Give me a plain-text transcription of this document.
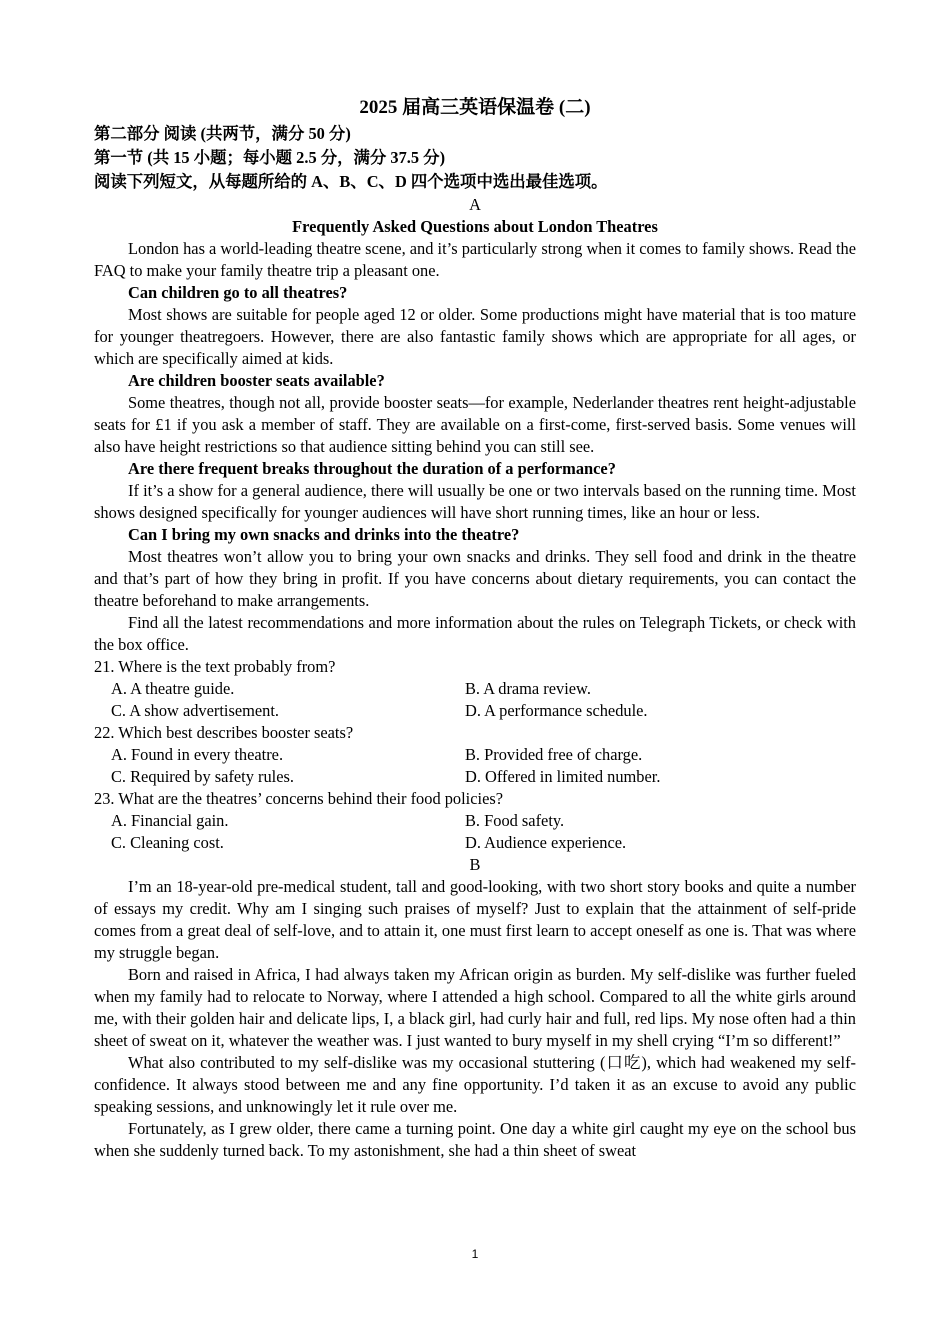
2025 届高三英语保温卷 (二)

第二部分 阅读 (共两节，满分 50 分)

第一节 (共 15 小题；每小题 2.5 分，满分 37.5 分)

阅读下列短文，从每题所给的 A、B、C、D 四个选项中选出最佳选项。

A

Frequently Asked Questions about London Theatres

London has a world-leading theatre scene, and it’s particularly strong when it comes to family shows. Read the FAQ to make your family theatre trip a pleasant one.

Can children go to all theatres?

Most shows are suitable for people aged 12 or older. Some productions might have material that is too mature for younger theatregoers. However, there are also fantastic family shows which are appropriate for all ages, or which are specifically aimed at kids.

Are children booster seats available?

Some theatres, though not all, provide booster seats—for example, Nederlander theatres rent height-adjustable seats for £1 if you ask a member of staff. They are available on a first-come, first-served basis. Some venues will also have height restrictions so that audience sitting behind you can still see.

Are there frequent breaks throughout the duration of a performance?

If it’s a show for a general audience, there will usually be one or two intervals based on the running time. Most shows designed specifically for younger audiences will have short running times, like an hour or less.

Can I bring my own snacks and drinks into the theatre?

Most theatres won’t allow you to bring your own snacks and drinks. They sell food and drink in the theatre and that’s part of how they bring in profit. If you have concerns about dietary requirements, you can contact the theatre beforehand to make arrangements.

Find all the latest recommendations and more information about the rules on Telegraph Tickets, or check with the box office.

21. Where is the text probably from?

A. A theatre guide.	B. A drama review.
C. A show advertisement.	D. A performance schedule.

22. Which best describes booster seats?

A. Found in every theatre.	B. Provided free of charge.
C. Required by safety rules.	D. Offered in limited number.

23. What are the theatres’ concerns behind their food policies?

A. Financial gain.	B. Food safety.
C. Cleaning cost.	D. Audience experience.

B

I’m an 18-year-old pre-medical student, tall and good-looking, with two short story books and quite a number of essays my credit. Why am I singing such praises of myself? Just to explain that the attainment of self-pride comes from a great deal of self-love, and to attain it, one must first learn to accept oneself as one is. That was where my struggle began.

Born and raised in Africa, I had always taken my African origin as burden. My self-dislike was further fueled when my family had to relocate to Norway, where I attended a high school. Compared to all the white girls around me, with their golden hair and delicate lips, I, a black girl, had curly hair and full, red lips. My nose often had a thin sheet of sweat on it, whatever the weather was. I just wanted to bury myself in my shell crying “I’m so different!”

What also contributed to my self-dislike was my occasional stuttering (口吃), which had weakened my self-confidence. It always stood between me and any fine opportunity. I’d taken it as an excuse to avoid any public speaking sessions, and unknowingly let it rule over me.

Fortunately, as I grew older, there came a turning point. One day a white girl caught my eye on the school bus when she suddenly turned back. To my astonishment, she had a thin sheet of sweat

1
